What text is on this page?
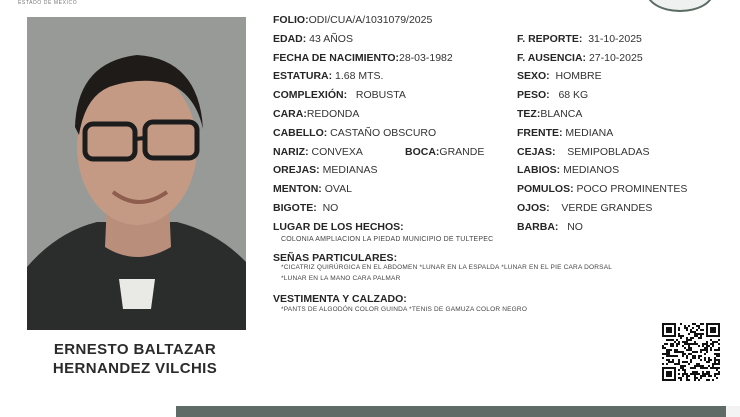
ESTADO DE MÉXICO
ERNESTO BALTAZAR
HERNANDEZ VILCHIS
FOLIO:ODI/CUA/A/1031079/2025
EDAD: 43 AÑOS
FECHA DE NACIMIENTO:28-03-1982
ESTATURA: 1.68 MTS.
COMPLEXIÓN: ROBUSTA
CARA:REDONDA
CABELLO: CASTAÑO OBSCURO
NARIZ: CONVEXA	BOCA:GRANDE
OREJAS: MEDIANAS
MENTON: OVAL
BIGOTE: NO
LUGAR DE LOS HECHOS:
COLONIA AMPLIACION LA PIEDAD MUNICIPIO DE TULTEPEC
F. REPORTE: 31-10-2025
F. AUSENCIA: 27-10-2025
SEXO: HOMBRE
PESO: 68 KG
TEZ:BLANCA
FRENTE: MEDIANA
CEJAS: SEMIPOBLADAS
LABIOS: MEDIANOS
POMULOS: POCO PROMINENTES
OJOS: VERDE GRANDES
BARBA: NO
SEÑAS PARTICULARES:
*CICATRIZ QUIRÚRGICA EN EL ABDOMEN *LUNAR EN LA ESPALDA *LUNAR EN EL PIE CARA DORSAL
*LUNAR EN LA MANO CARA PALMAR
VESTIMENTA Y CALZADO:
*PANTS DE ALGODÓN COLOR GUINDA *TENIS DE GAMUZA COLOR NEGRO
